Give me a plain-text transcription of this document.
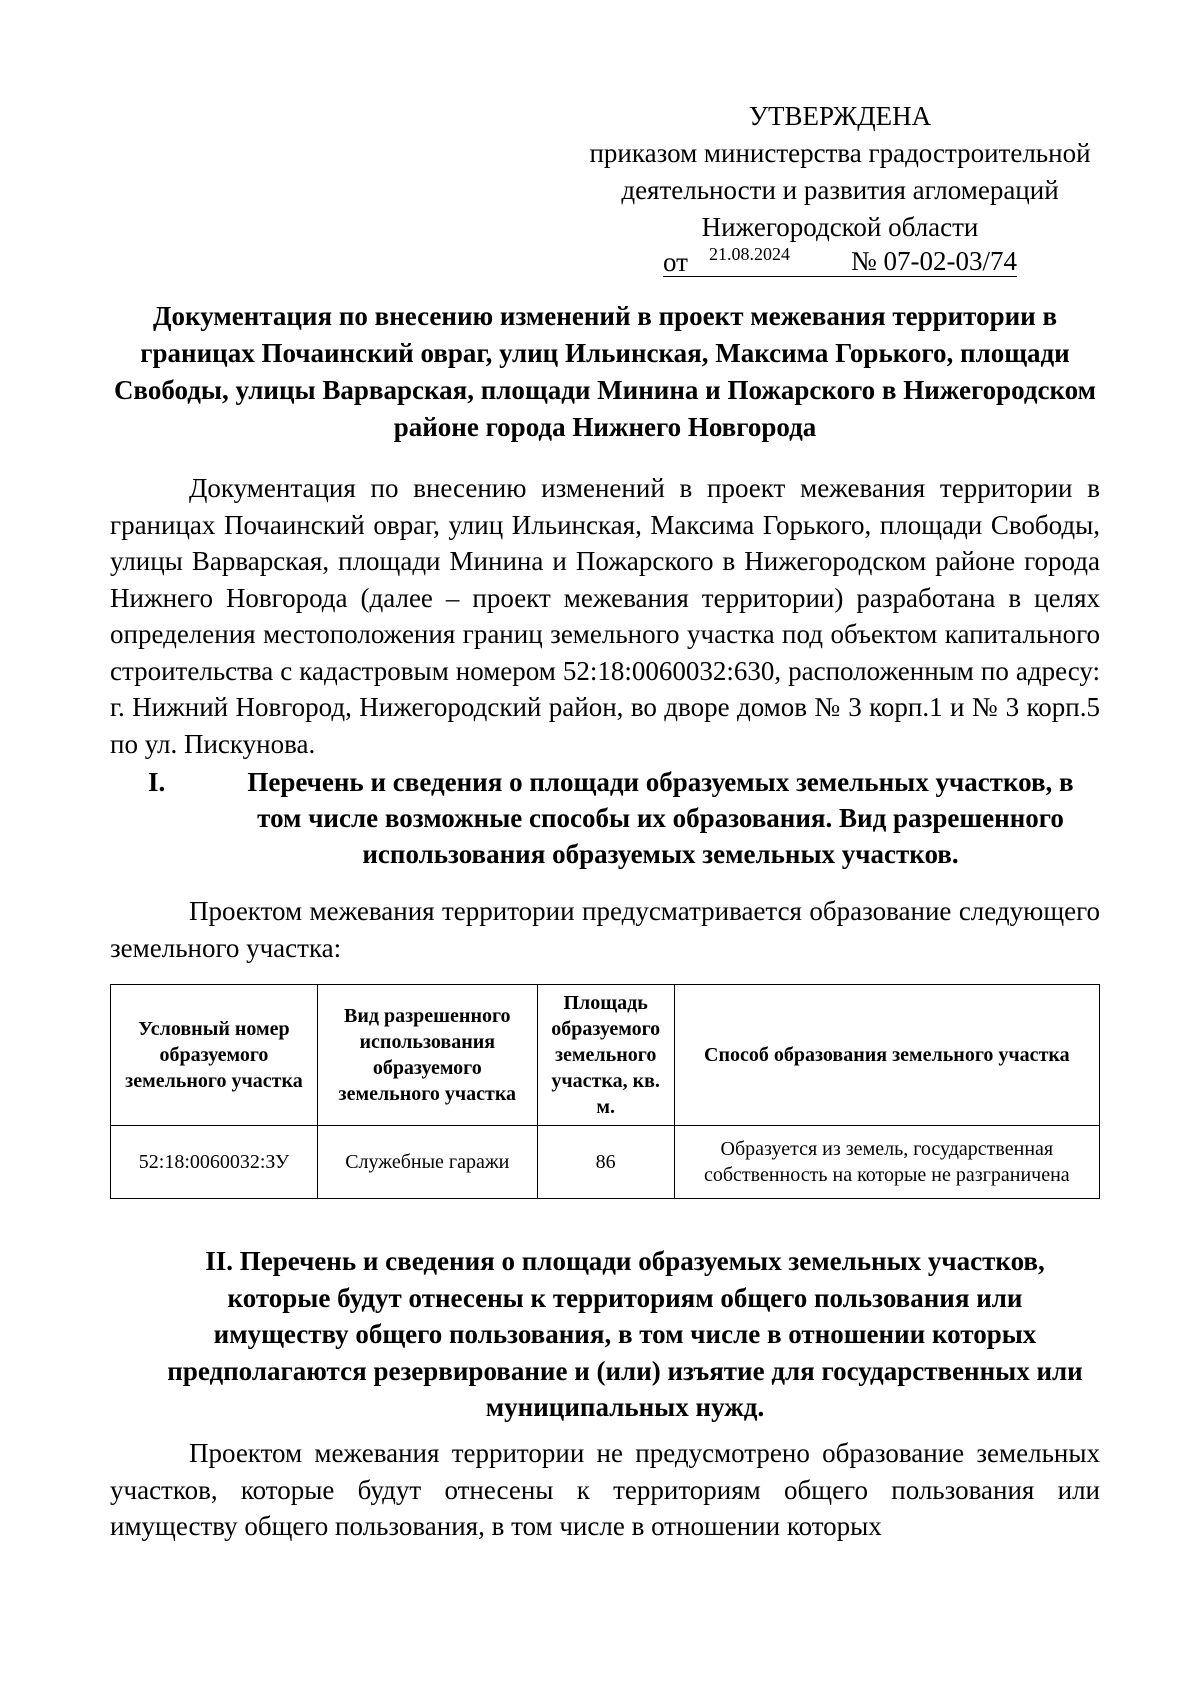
УТВЕРЖДЕНА
приказом министерства градостроительной
деятельности и развития агломераций
Нижегородской области
от 21.08.2024 № 07-02-03/74
Документация по внесению изменений в проект межевания территории в границах Почаинский овраг, улиц Ильинская, Максима Горького, площади Свободы, улицы Варварская, площади Минина и Пожарского в Нижегородском районе города Нижнего Новгорода
Документация по внесению изменений в проект межевания территории в границах Почаинский овраг, улиц Ильинская, Максима Горького, площади Свободы, улицы Варварская, площади Минина и Пожарского в Нижегородском районе города Нижнего Новгорода (далее – проект межевания территории) разработана в целях определения местоположения границ земельного участка под объектом капитального строительства с кадастровым номером 52:18:0060032:630, расположенным по адресу: г. Нижний Новгород, Нижегородский район, во дворе домов № 3 корп.1 и № 3 корп.5 по ул. Пискунова.
I.	Перечень и сведения о площади образуемых земельных участков, в том числе возможные способы их образования. Вид разрешенного использования образуемых земельных участков.
Проектом межевания территории предусматривается образование следующего земельного участка:
Условный номер образуемого земельного участка	Вид разрешенного использования образуемого земельного участка	Площадь образуемого земельного участка, кв. м.	Способ образования земельного участка
52:18:0060032:ЗУ	Служебные гаражи	86	Образуется из земель, государственная собственность на которые не разграничена
II. Перечень и сведения о площади образуемых земельных участков, которые будут отнесены к территориям общего пользования или имуществу общего пользования, в том числе в отношении которых предполагаются резервирование и (или) изъятие для государственных или муниципальных нужд.
Проектом межевания территории не предусмотрено образование земельных участков, которые будут отнесены к территориям общего пользования или имуществу общего пользования, в том числе в отношении которых
